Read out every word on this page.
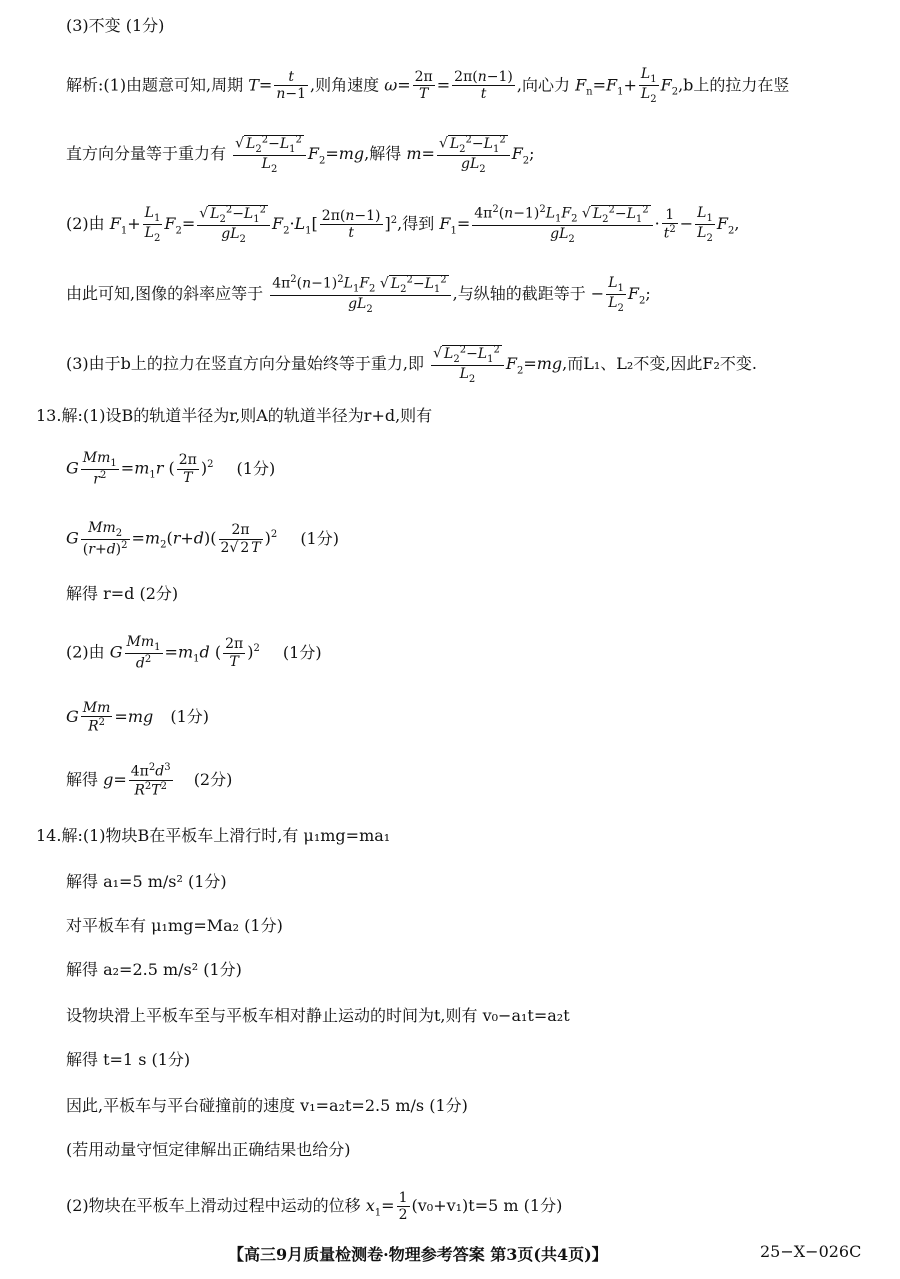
(3)不变 (1分)
解析:(1)由题意可知,周期 $T= \frac{t}{n-1}$ ,则角速度 $\omega= \frac{2\pi}{T} = \frac{2\pi(n-1)}{t}$ ,向心力 $F_n=F_1+ \frac{L_1}{L_2} F_2,b$上的拉力在竖
直方向分量等于重力有 $\frac{√ L_2^2-L_1^2}{L_2} F_2=mg$,解得 $m= \frac{√ L_2^2-L_1^2}{gL_2} F_2$;
(2)由 $F_1+ \frac{L_1}{L_2} F_2= \frac{√ L_2^2-L_1^2}{gL_2} F_2\cdot L_1[ \frac{2\pi(n-1)}{t} ]^2$,得到 $F_1= \frac{4\pi^2(n-1)^2L_1F_2 √ L_2^2-L_1^2}{gL_2} \cdot \frac{1}{t^2} - \frac{L_1}{L_2} F_2$,
由此可知,图像的斜率应等于 $\frac{4\pi^2(n-1)^2L_1F_2 √ L_2^2-L_1^2}{gL_2}$ ,与纵轴的截距等于 − $\frac{L_1}{L_2} F_2$;
(3)由于b上的拉力在竖直方向分量始终等于重力,即 $\frac{√ L_2^2-L_1^2}{L_2} F_2=mg$,而L₁、L₂不变,因此F₂不变.
13.解:(1)设B的轨道半径为r,则A的轨道半径为r+d,则有
G $\frac{Mm_1}{r^2} =m_1r$ ( $\frac{2\pi}{T} )^2$ (1分)
G $\frac{Mm_2}{(r+d)^2} =m_2(r+d)( \frac{2\pi}{2√ 2 T} )^2$ (1分)
解得 r=d (2分)
(2)由 G $\frac{Mm_1}{d^2} =m_1d$ ( $\frac{2\pi}{T} )^2$ (1分)
G $\frac{Mm}{R^2} =mg$ (1分)
解得 $g= \frac{4\pi^2d^3}{R^2T^2} (2$分)
14.解:(1)物块B在平板车上滑行时,有 μ₁mg=ma₁
解得 a₁=5 m/s² (1分)
对平板车有 μ₁mg=Ma₂ (1分)
解得 a₂=2.5 m/s² (1分)
设物块滑上平板车至与平板车相对静止运动的时间为t,则有 v₀−a₁t=a₂t
解得 t=1 s (1分)
因此,平板车与平台碰撞前的速度 v₁=a₂t=2.5 m/s (1分)
(若用动量守恒定律解出正确结果也给分)
(2)物块在平板车上滑动过程中运动的位移 $x_1= \frac{1}{2} (v_0+v_1)t=5$ m (1分)
【高三9月质量检测卷·物理参考答案 第3页(共4页)】	25−X−026C
